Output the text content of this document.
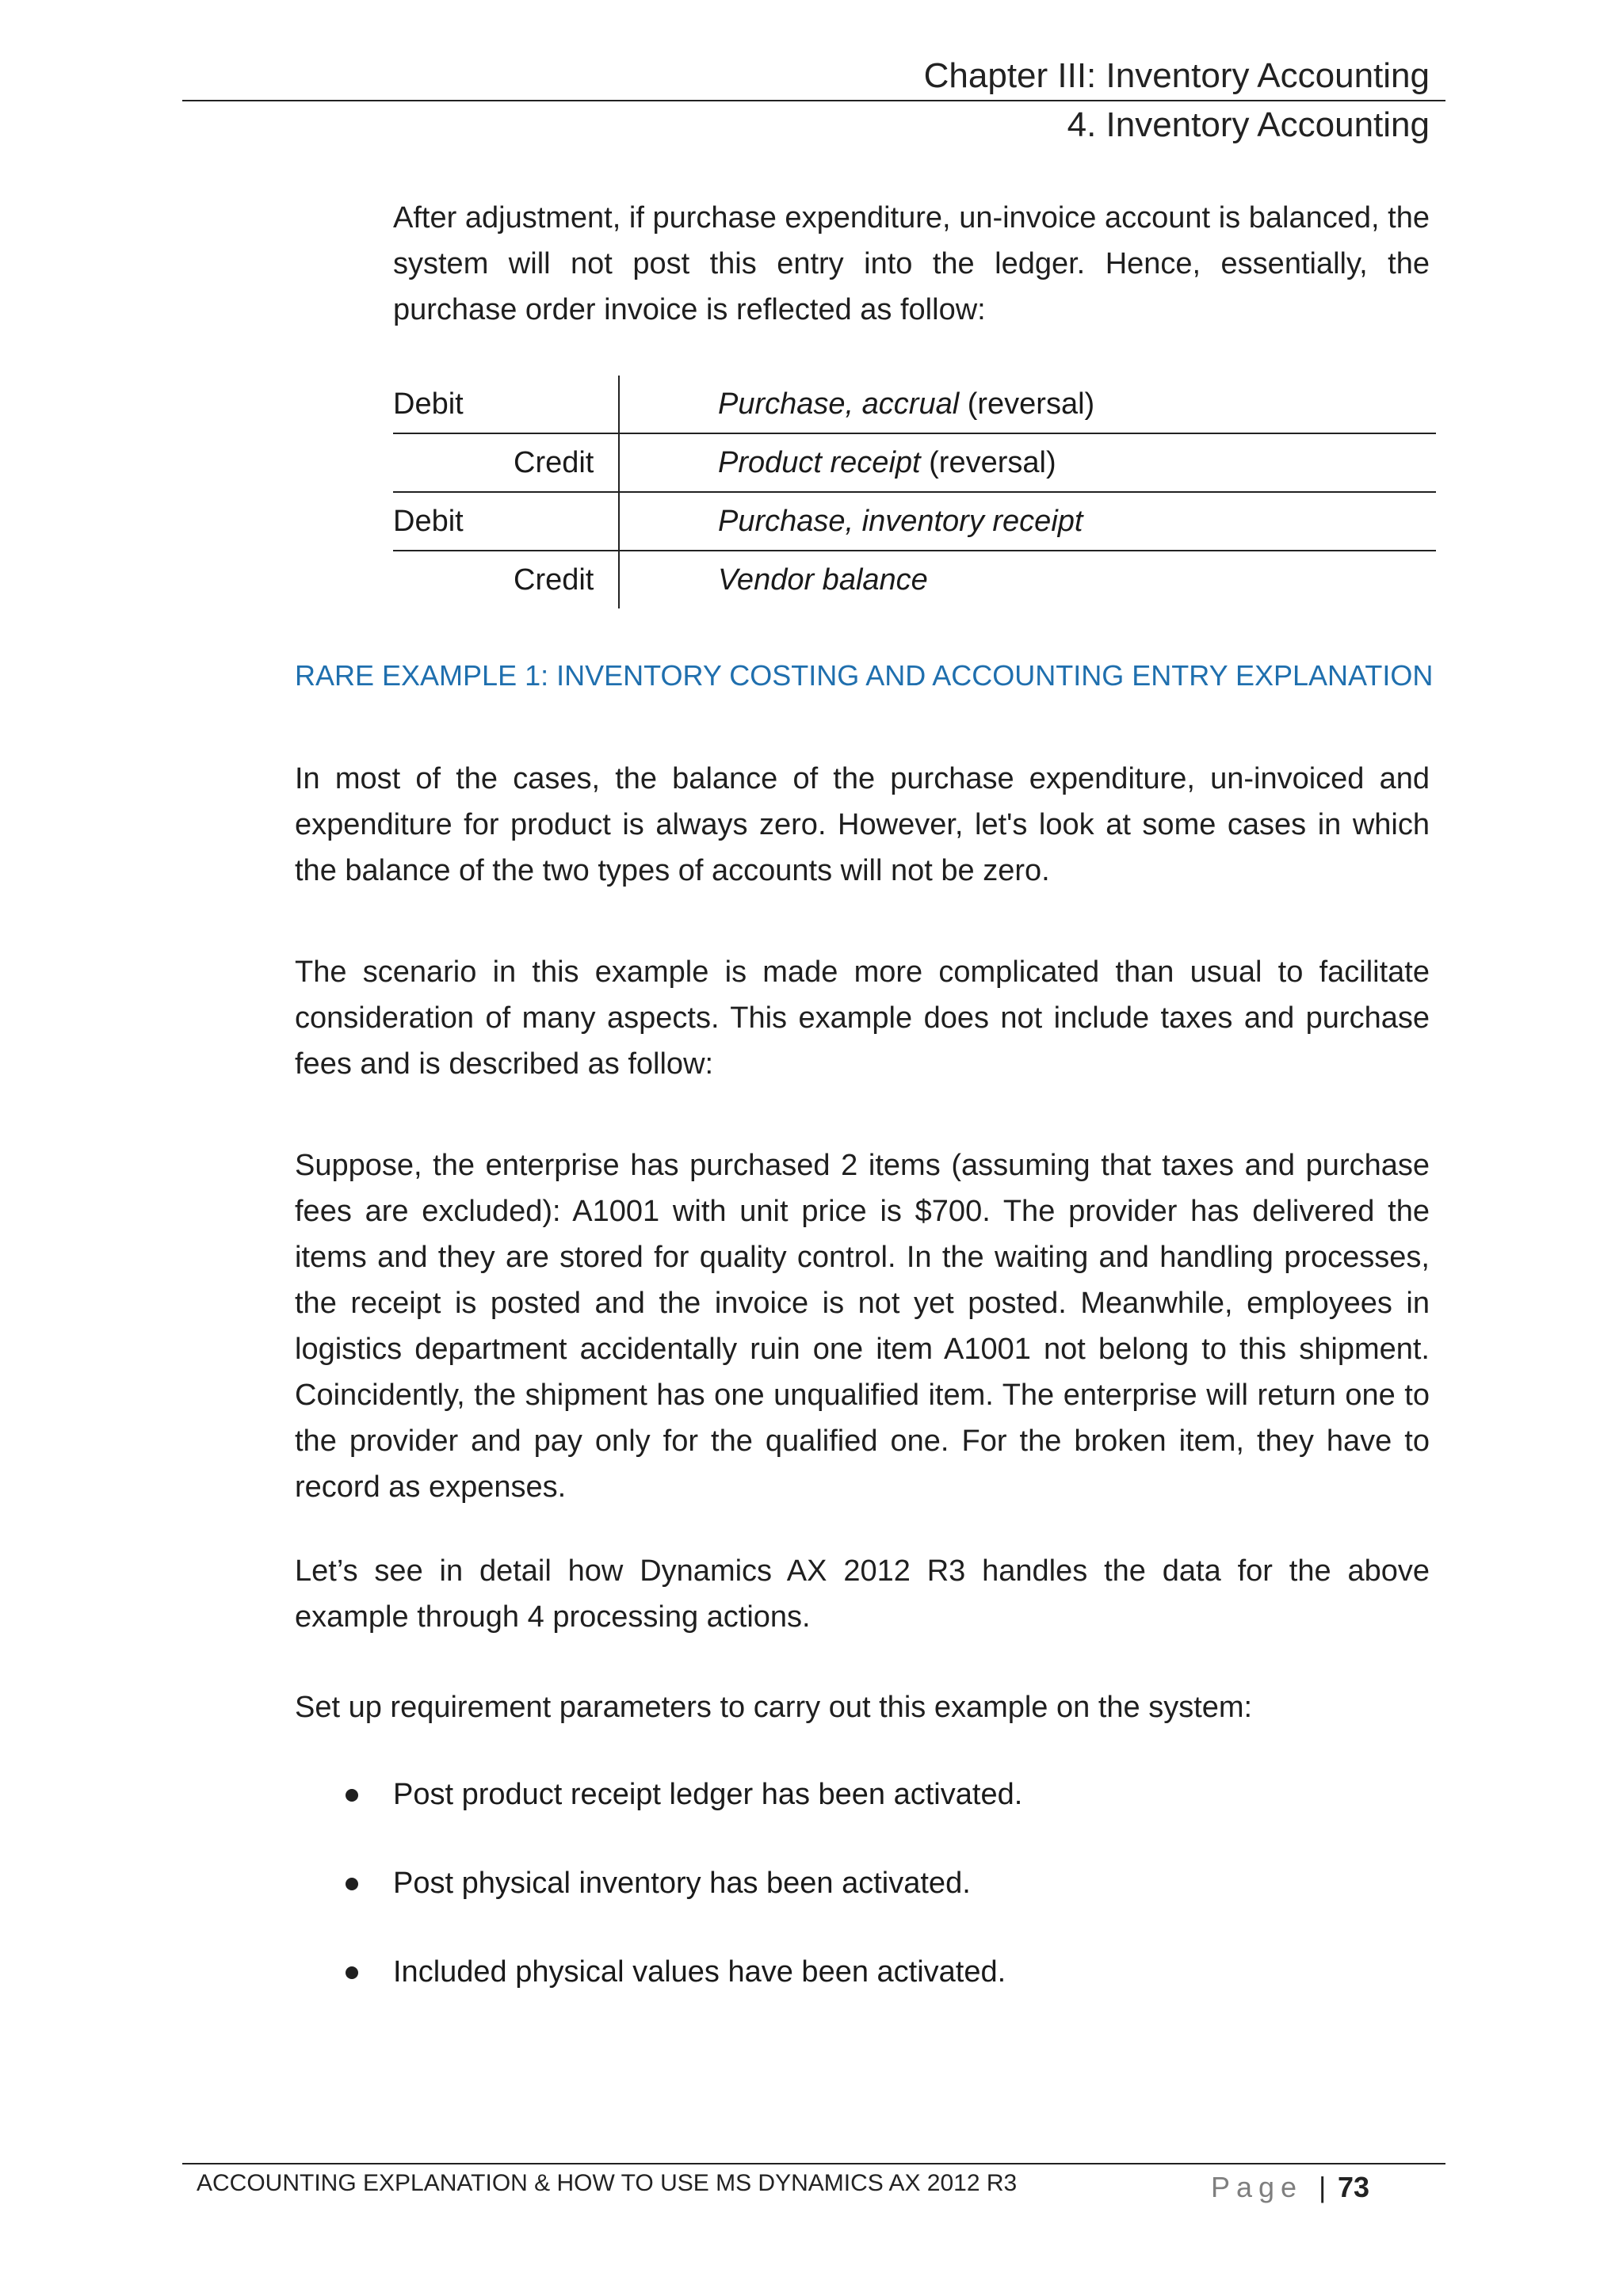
Chapter III: Inventory Accounting
4. Inventory Accounting
After adjustment, if purchase expenditure, un-invoice account is balanced, the system will not post this entry into the ledger. Hence, essentially, the purchase order invoice is reflected as follow:
Debit	Purchase, accrual (reversal)
Credit	Product receipt (reversal)
Debit	Purchase, inventory receipt
Credit	Vendor balance
RARE EXAMPLE 1: INVENTORY COSTING AND ACCOUNTING ENTRY EXPLANATION
In most of the cases, the balance of the purchase expenditure, un-invoiced and expenditure for product is always zero. However, let's look at some cases in which the balance of the two types of accounts will not be zero.
The scenario in this example is made more complicated than usual to facilitate consideration of many aspects. This example does not include taxes and purchase fees and is described as follow:
Suppose, the enterprise has purchased 2 items (assuming that taxes and purchase fees are excluded): A1001 with unit price is $700. The provider has delivered the items and they are stored for quality control. In the waiting and handling processes, the receipt is posted and the invoice is not yet posted. Meanwhile, employees in logistics department accidentally ruin one item A1001 not belong to this shipment. Coincidently, the shipment has one unqualified item. The enterprise will return one to the provider and pay only for the qualified one. For the broken item, they have to record as expenses.
Let’s see in detail how Dynamics AX 2012 R3 handles the data for the above example through 4 processing actions.
Set up requirement parameters to carry out this example on the system:
Post product receipt ledger has been activated.
Post physical inventory has been activated.
Included physical values have been activated.
ACCOUNTING EXPLANATION & HOW TO USE MS DYNAMICS AX 2012 R3	Page | 73
